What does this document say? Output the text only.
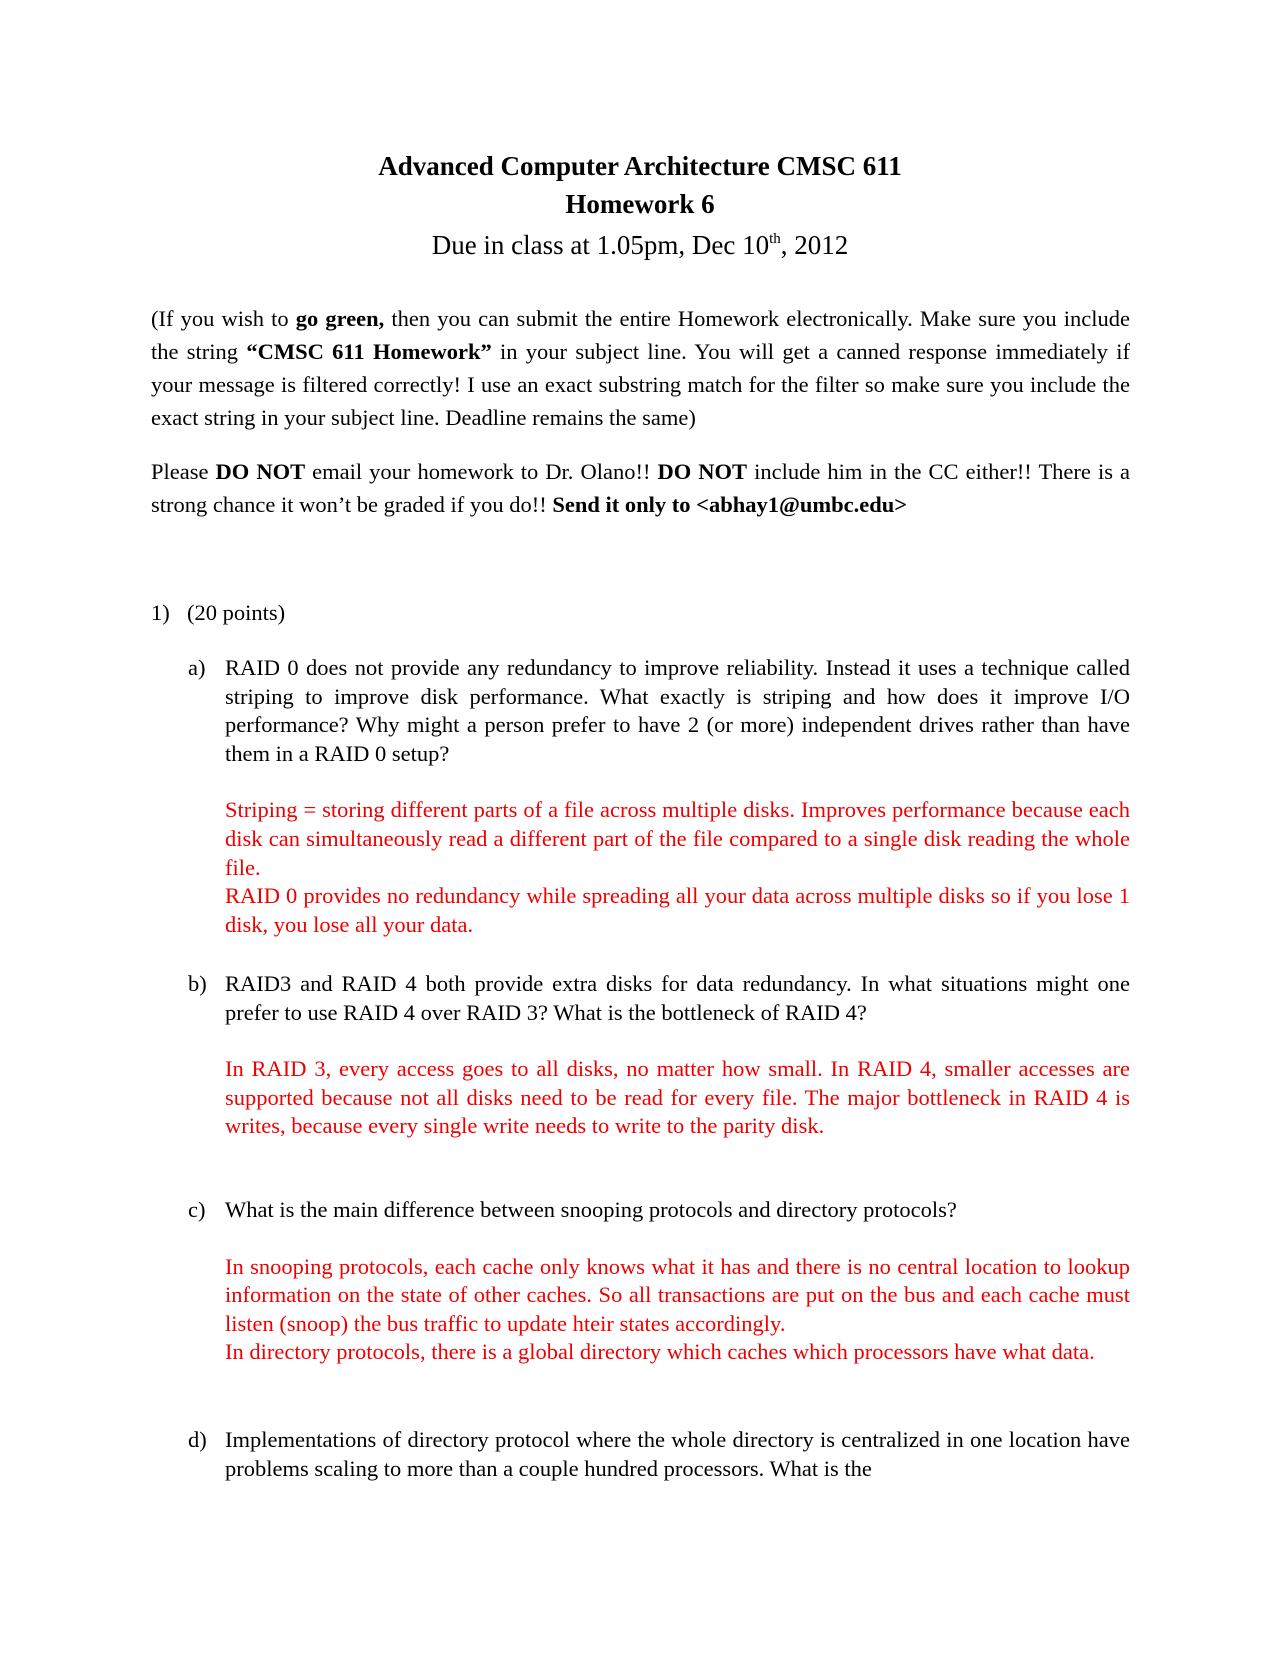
Advanced Computer Architecture CMSC 611
Homework 6
Due in class at 1.05pm, Dec 10th, 2012
(If you wish to go green, then you can submit the entire Homework electronically. Make sure you include the string “CMSC 611 Homework” in your subject line. You will get a canned response immediately if your message is filtered correctly! I use an exact substring match for the filter so make sure you include the exact string in your subject line. Deadline remains the same)
Please DO NOT email your homework to Dr. Olano!! DO NOT include him in the CC either!! There is a strong chance it won’t be graded if you do!! Send it only to <abhay1@umbc.edu>
1) (20 points)
a) RAID 0 does not provide any redundancy to improve reliability. Instead it uses a technique called striping to improve disk performance. What exactly is striping and how does it improve I/O performance? Why might a person prefer to have 2 (or more) independent drives rather than have them in a RAID 0 setup?
Striping = storing different parts of a file across multiple disks. Improves performance because each disk can simultaneously read a different part of the file compared to a single disk reading the whole file.
RAID 0 provides no redundancy while spreading all your data across multiple disks so if you lose 1 disk, you lose all your data.
b) RAID3 and RAID 4 both provide extra disks for data redundancy. In what situations might one prefer to use RAID 4 over RAID 3? What is the bottleneck of RAID 4?
In RAID 3, every access goes to all disks, no matter how small. In RAID 4, smaller accesses are supported because not all disks need to be read for every file. The major bottleneck in RAID 4 is writes, because every single write needs to write to the parity disk.
c) What is the main difference between snooping protocols and directory protocols?
In snooping protocols, each cache only knows what it has and there is no central location to lookup information on the state of other caches. So all transactions are put on the bus and each cache must listen (snoop) the bus traffic to update hteir states accordingly.
In directory protocols, there is a global directory which caches which processors have what data.
d) Implementations of directory protocol where the whole directory is centralized in one location have problems scaling to more than a couple hundred processors. What is the
